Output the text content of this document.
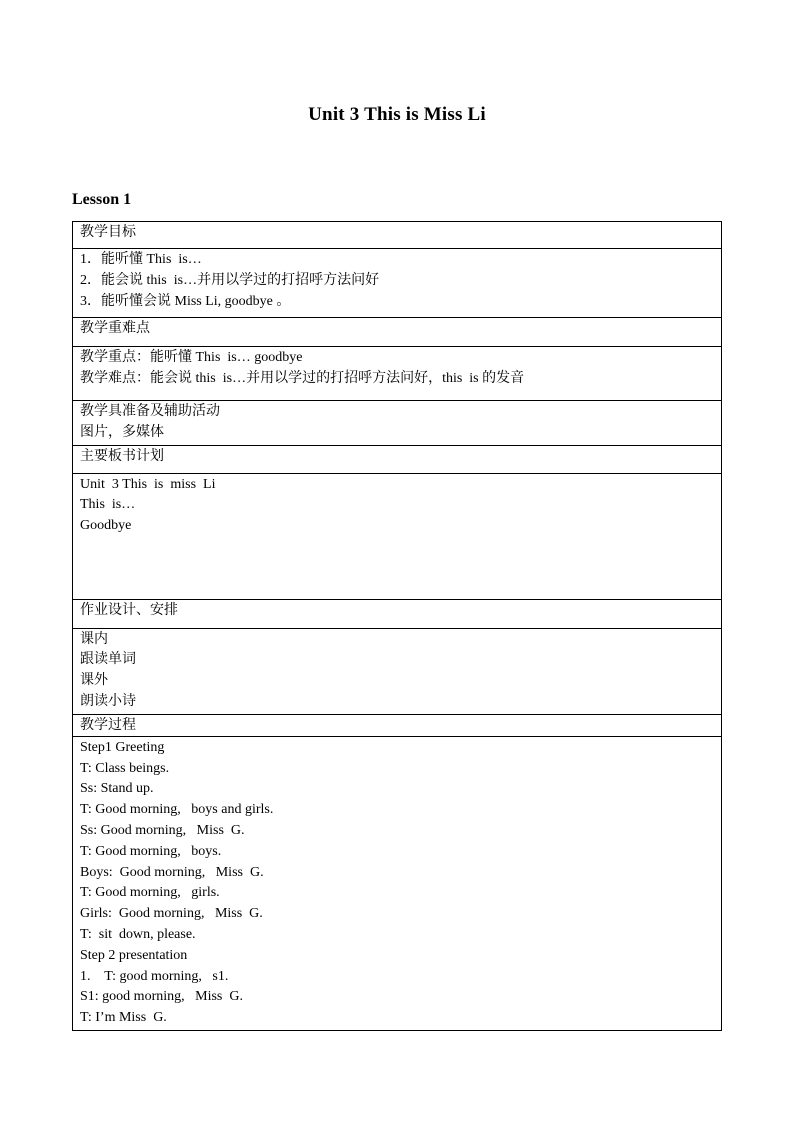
Unit 3 This is Miss Li
Lesson 1
教学目标

1．能听懂 This  is…
2．能会说 this  is…并用以学过的打招呼方法问好
3．能听懂会说 Miss Li, goodbye 。

教学重难点

教学重点：能听懂 This  is… goodbye
教学难点：能会说 this  is…并用以学过的打招呼方法问好，this  is 的发音

教学具准备及辅助活动
图片，多媒体

主要板书计划

Unit  3 This  is  miss  Li
This  is…
Goodbye

作业设计、安排

课内
跟读单词
课外
朗读小诗

教学过程

Step1 Greeting
T: Class beings.
Ss: Stand up.
T: Good morning,   boys and girls.
Ss: Good morning,   Miss  G.
T: Good morning,   boys.
Boys:  Good morning,   Miss  G.
T: Good morning,   girls.
Girls:  Good morning,   Miss  G.
T:  sit  down, please.
Step 2 presentation
1.    T: good morning,   s1.
S1: good morning,   Miss  G.
T: I’m Miss  G.
